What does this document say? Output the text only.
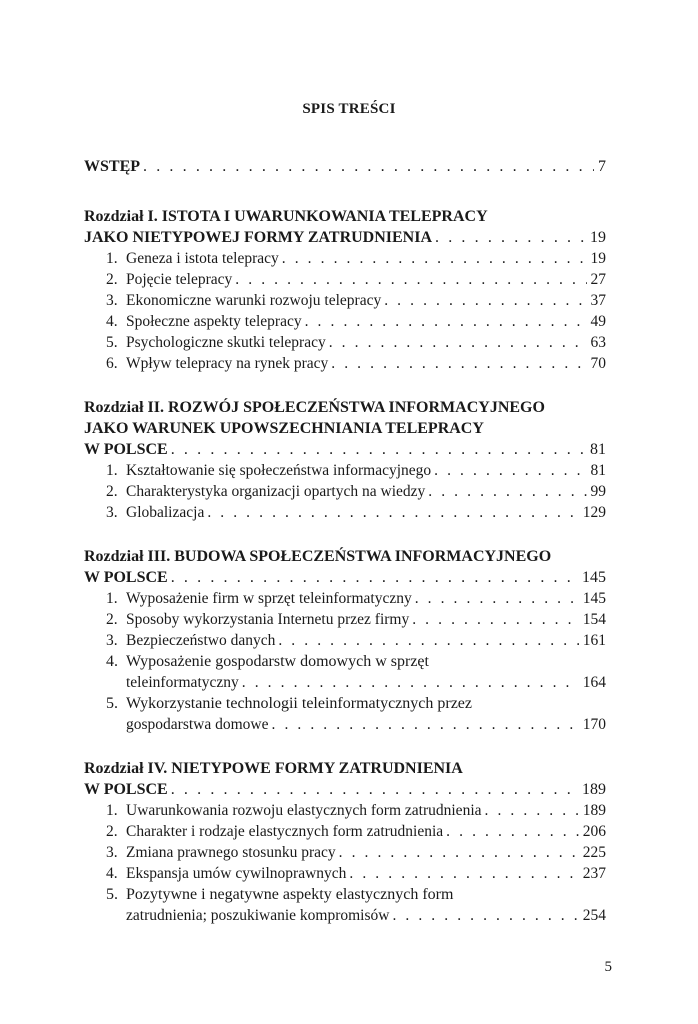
SPIS TREŚCI
WSTĘP . . .	7
Rozdział I. ISTOTA I UWARUNKOWANIA TELEPRACY
JAKO NIETYPOWEJ FORMY ZATRUDNIENIA . . .	19
1. Geneza i istota telepracy . . .	19
2. Pojęcie telepracy . . .	27
3. Ekonomiczne warunki rozwoju telepracy . . .	37
4. Społeczne aspekty telepracy . . .	49
5. Psychologiczne skutki telepracy . . .	63
6. Wpływ telepracy na rynek pracy . . .	70
Rozdział II. ROZWÓJ SPOŁECZEŃSTWA INFORMACYJNEGO
JAKO WARUNEK UPOWSZECHNIANIA TELEPRACY
W POLSCE . . .	81
1. Kształtowanie się społeczeństwa informacyjnego . . .	81
2. Charakterystyka organizacji opartych na wiedzy . . .	99
3. Globalizacja . . .	129
Rozdział III. BUDOWA SPOŁECZEŃSTWA INFORMACYJNEGO
W POLSCE . . .	145
1. Wyposażenie firm w sprzęt teleinformatyczny . . .	145
2. Sposoby wykorzystania Internetu przez firmy . . .	154
3. Bezpieczeństwo danych . . .	161
4. Wyposażenie gospodarstw domowych w sprzęt
teleinformatyczny . . .	164
5. Wykorzystanie technologii teleinformatycznych przez
gospodarstwa domowe . . .	170
Rozdział IV. NIETYPOWE FORMY ZATRUDNIENIA
W POLSCE . . .	189
1. Uwarunkowania rozwoju elastycznych form zatrudnienia . . .	189
2. Charakter i rodzaje elastycznych form zatrudnienia . . .	206
3. Zmiana prawnego stosunku pracy . . .	225
4. Ekspansja umów cywilnoprawnych . . .	237
5. Pozytywne i negatywne aspekty elastycznych form
zatrudnienia; poszukiwanie kompromisów . . .	254
5
